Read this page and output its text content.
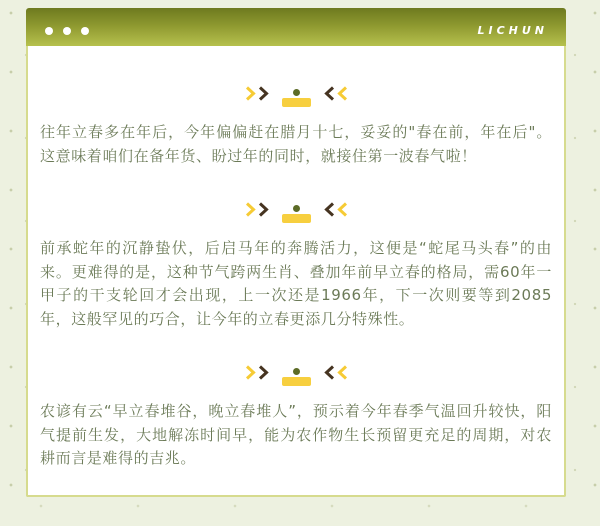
LICHUN

往年立春多在年后，今年偏偏赶在腊月十七，妥妥的"春在前，年在后"。这意味着咱们在备年货、盼过年的同时，就接住第一波春气啦！

前承蛇年的沉静蛰伏，后启马年的奔腾活力，这便是“蛇尾马头春”的由来。更难得的是，这种节气跨两生肖、叠加年前早立春的格局，需60年一甲子的干支轮回才会出现，上一次还是1966年，下一次则要等到2085年，这般罕见的巧合，让今年的立春更添几分特殊性。

农谚有云“早立春堆谷，晚立春堆人”，预示着今年春季气温回升较快，阳气提前生发，大地解冻时间早，能为农作物生长预留更充足的周期，对农耕而言是难得的吉兆。
